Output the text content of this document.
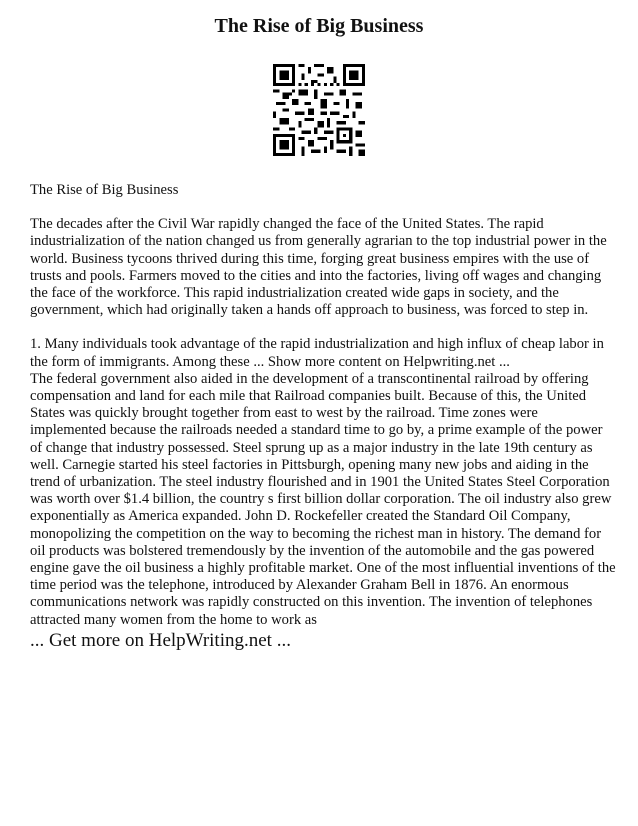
The Rise of Big Business

The Rise of Big Business

The decades after the Civil War rapidly changed the face of the United States. The rapid industrialization of the nation changed us from generally agrarian to the top industrial power in the world. Business tycoons thrived during this time, forging great business empires with the use of trusts and pools. Farmers moved to the cities and into the factories, living off wages and changing the face of the workforce. This rapid industrialization created wide gaps in society, and the government, which had originally taken a hands off approach to business, was forced to step in.

1. Many individuals took advantage of the rapid industrialization and high influx of cheap labor in the form of immigrants. Among these ... Show more content on Helpwriting.net ...

The federal government also aided in the development of a transcontinental railroad by offering compensation and land for each mile that Railroad companies built. Because of this, the United States was quickly brought together from east to west by the railroad. Time zones were implemented because the railroads needed a standard time to go by, a prime example of the power of change that industry possessed. Steel sprung up as a major industry in the late 19th century as well. Carnegie started his steel factories in Pittsburgh, opening many new jobs and aiding in the trend of urbanization. The steel industry flourished and in 1901 the United States Steel Corporation was worth over $1.4 billion, the country s first billion dollar corporation. The oil industry also grew exponentially as America expanded. John D. Rockefeller created the Standard Oil Company, monopolizing the competition on the way to becoming the richest man in history. The demand for oil products was bolstered tremendously by the invention of the automobile and the gas powered engine gave the oil business a highly profitable market. One of the most influential inventions of the time period was the telephone, introduced by Alexander Graham Bell in 1876. An enormous communications network was rapidly constructed on this invention. The invention of telephones attracted many women from the home to work as

... Get more on HelpWriting.net ...
